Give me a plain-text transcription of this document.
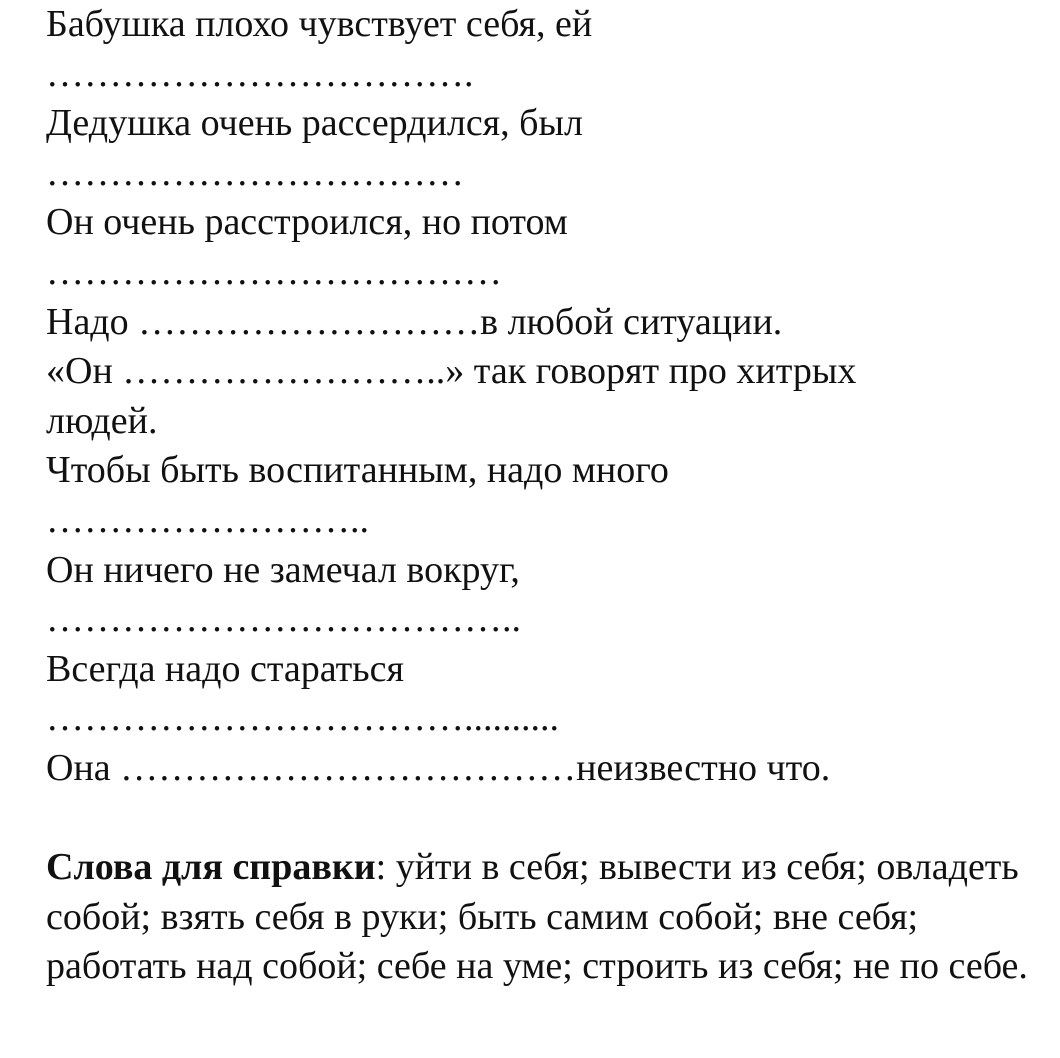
Бабушка плохо чувствует себя, ей
…………………………….
Дедушка очень рассердился, был
……………………………
Он очень расстроился, но потом
………………………………
Надо ………………………в любой ситуации.
«Он ……………………..» так говорят про хитрых
людей.
Чтобы быть воспитанным, надо много
……………………..
Он ничего не замечал вокруг,
………………………………..
Всегда надо стараться
……………………………..........
Она ………………………………неизвестно что.
Слова для справки: уйти в себя; вывести из себя; овладеть собой; взять себя в руки; быть самим собой; вне себя; работать над собой; себе на уме; строить из себя; не по себе.
